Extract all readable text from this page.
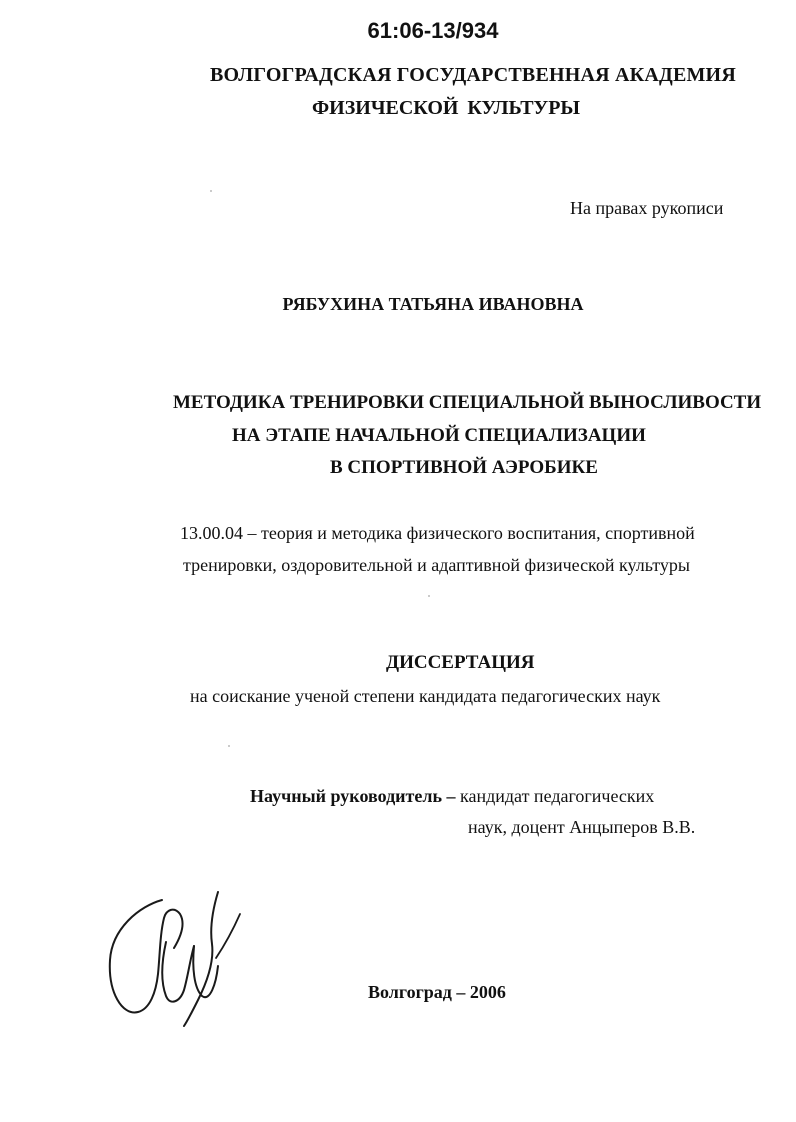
61:06-13/934
ВОЛГОГРАДСКАЯ ГОСУДАРСТВЕННАЯ АКАДЕМИЯ
ФИЗИЧЕСКОЙ КУЛЬТУРЫ
На правах рукописи
РЯБУХИНА ТАТЬЯНА ИВАНОВНА
МЕТОДИКА ТРЕНИРОВКИ СПЕЦИАЛЬНОЙ ВЫНОСЛИВОСТИ
НА ЭТАПЕ НАЧАЛЬНОЙ СПЕЦИАЛИЗАЦИИ
В СПОРТИВНОЙ АЭРОБИКЕ
13.00.04 – теория и методика физического воспитания, спортивной
тренировки, оздоровительной и адаптивной физической культуры
ДИССЕРТАЦИЯ
на соискание ученой степени кандидата педагогических наук
Научный руководитель – кандидат педагогических
наук, доцент Анцыперов В.В.
Волгоград – 2006
